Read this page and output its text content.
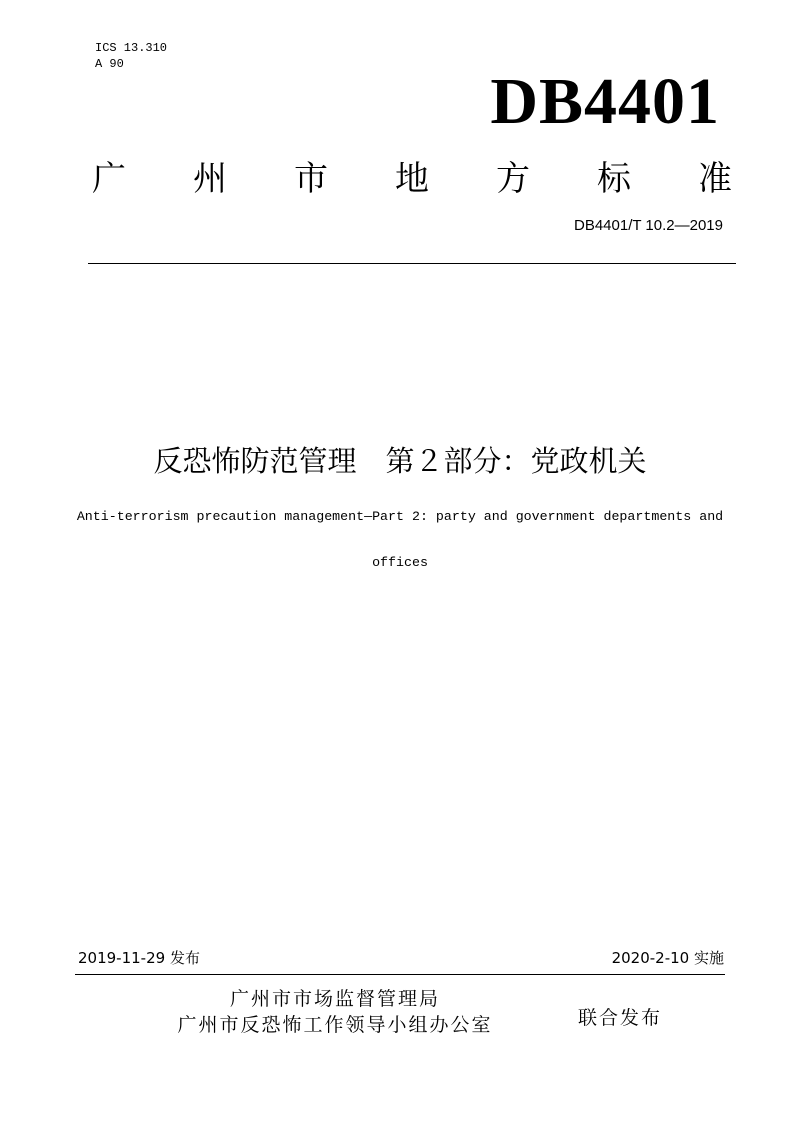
ICS 13.310
A 90
DB4401
广 州 市 地 方 标 准
DB4401/T 10.2—2019
反恐怖防范管理　第２部分：党政机关
Anti-terrorism precaution management—Part 2: party and government departments and
offices
2019-11-29 发布	2020-2-10 实施
广州市市场监督管理局
广州市反恐怖工作领导小组办公室	联合发布
